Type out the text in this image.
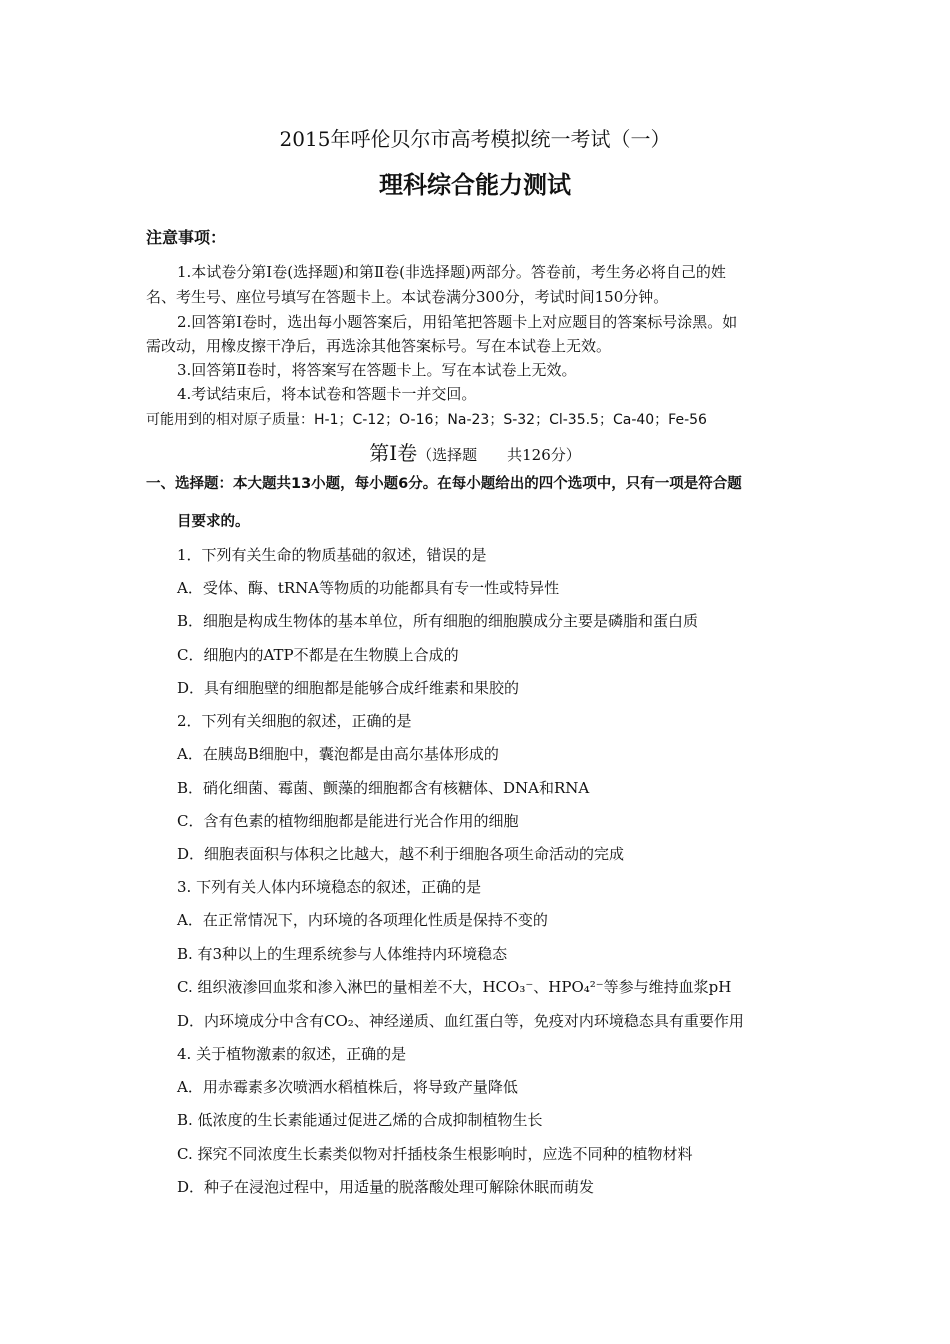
2015年呼伦贝尔市高考模拟统一考试（一）
理科综合能力测试
注意事项：
1.本试卷分第Ⅰ卷(选择题)和第Ⅱ卷(非选择题)两部分。答卷前，考生务必将自己的姓
名、考生号、座位号填写在答题卡上。本试卷满分300分，考试时间150分钟。
2.回答第Ⅰ卷时，选出每小题答案后，用铅笔把答题卡上对应题目的答案标号涂黑。如
需改动，用橡皮擦干净后，再选涂其他答案标号。写在本试卷上无效。
3.回答第Ⅱ卷时，将答案写在答题卡上。写在本试卷上无效。
4.考试结束后，将本试卷和答题卡一并交回。
可能用到的相对原子质量：H-1；C-12；O-16；Na-23；S-32；Cl-35.5；Ca-40；Fe-56
第Ⅰ卷（选择题　　共126分）
一、选择题：本大题共13小题，每小题6分。在每小题给出的四个选项中，只有一项是符合题
目要求的。
1．下列有关生命的物质基础的叙述，错误的是
A．受体、酶、tRNA等物质的功能都具有专一性或特异性
B．细胞是构成生物体的基本单位，所有细胞的细胞膜成分主要是磷脂和蛋白质
C．细胞内的ATP不都是在生物膜上合成的
D．具有细胞壁的细胞都是能够合成纤维素和果胶的
2．下列有关细胞的叙述，正确的是
A．在胰岛B细胞中，囊泡都是由高尔基体形成的
B．硝化细菌、霉菌、颤藻的细胞都含有核糖体、DNA和RNA
C．含有色素的植物细胞都是能进行光合作用的细胞
D．细胞表面积与体积之比越大，越不利于细胞各项生命活动的完成
3. 下列有关人体内环境稳态的叙述，正确的是
A．在正常情况下，内环境的各项理化性质是保持不变的
B. 有3种以上的生理系统参与人体维持内环境稳态
C. 组织液渗回血浆和渗入淋巴的量相差不大，HCO₃⁻、HPO₄²⁻等参与维持血浆pH
D．内环境成分中含有CO₂、神经递质、血红蛋白等，免疫对内环境稳态具有重要作用
4. 关于植物激素的叙述，正确的是
A．用赤霉素多次喷洒水稻植株后，将导致产量降低
B. 低浓度的生长素能通过促进乙烯的合成抑制植物生长
C. 探究不同浓度生长素类似物对扦插枝条生根影响时，应选不同种的植物材料
D．种子在浸泡过程中，用适量的脱落酸处理可解除休眠而萌发
